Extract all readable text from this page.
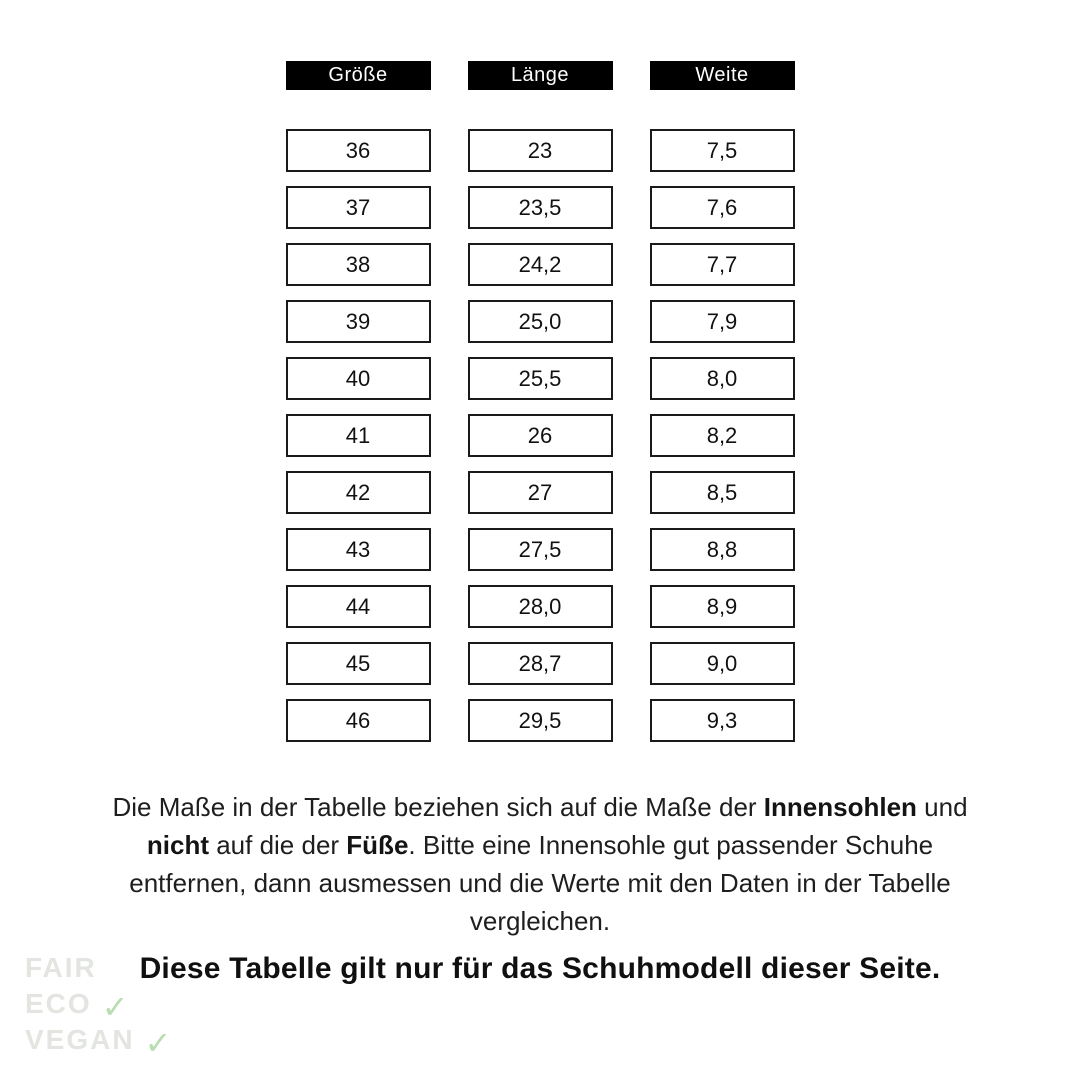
Größe
36
37
38
39
40
41
42
43
44
45
46
Länge
23
23,5
24,2
25,0
25,5
26
27
27,5
28,0
28,7
29,5
Weite
7,5
7,6
7,7
7,9
8,0
8,2
8,5
8,8
8,9
9,0
9,3
Die Maße in der Tabelle beziehen sich auf die Maße der Innensohlen und
nicht auf die der Füße. Bitte eine Innensohle gut passender Schuhe
entfernen, dann ausmessen und die Werte mit den Daten in der Tabelle
vergleichen.
Diese Tabelle gilt nur für das Schuhmodell dieser Seite.
FAIR
ECO ✓
VEGAN ✓
